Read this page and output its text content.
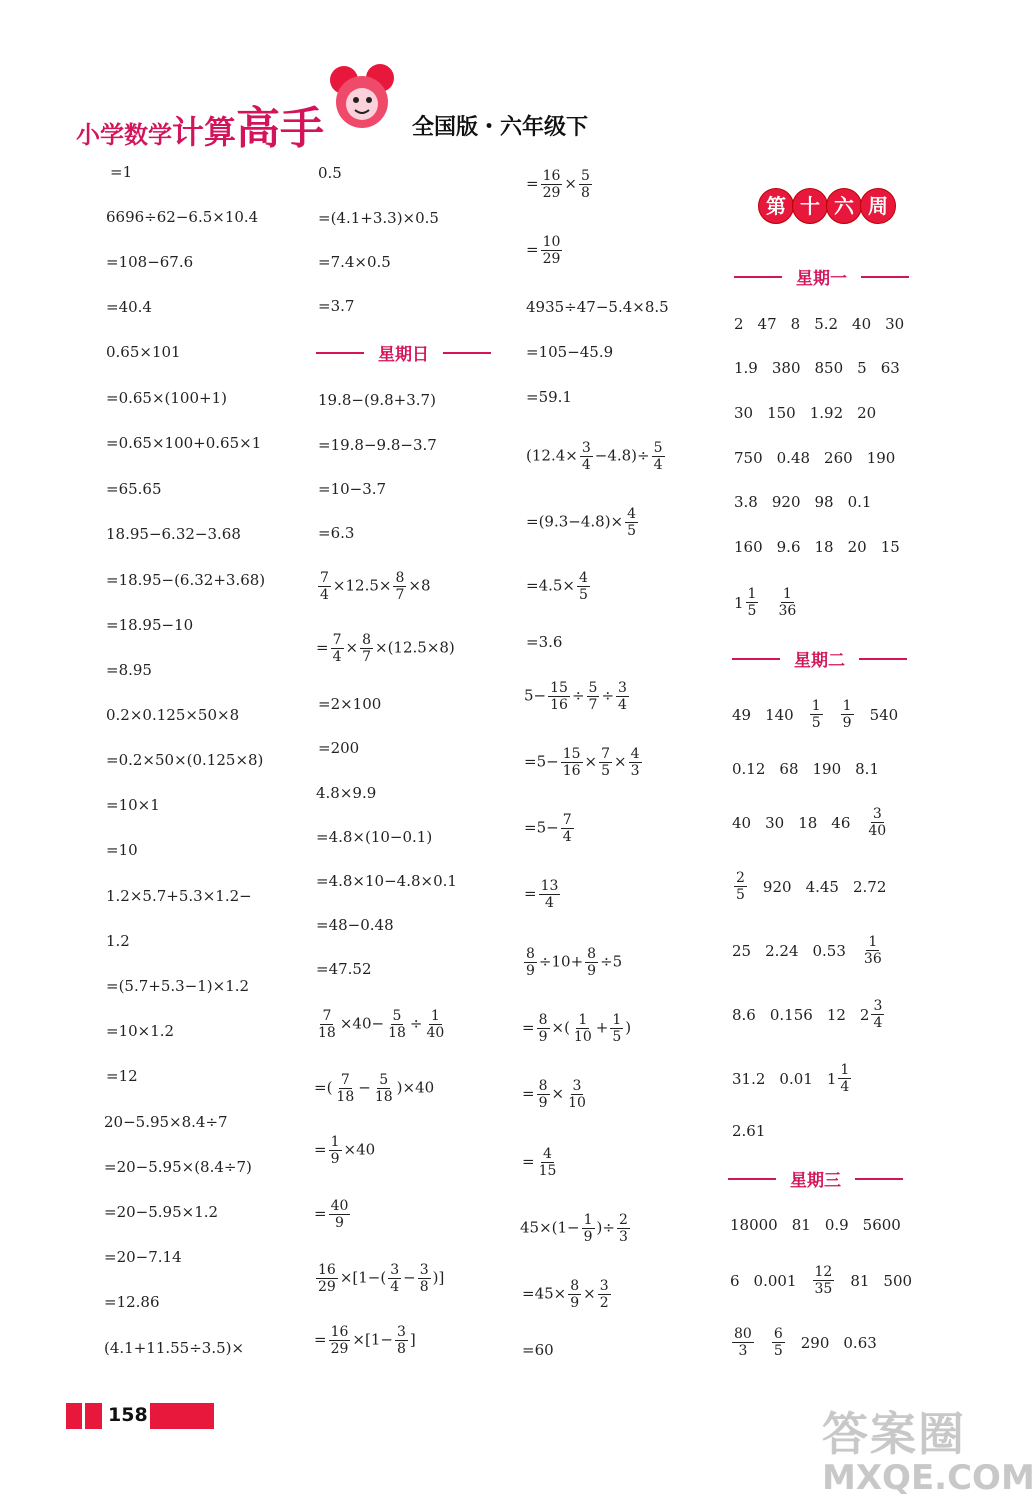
小学数学计算高手	全国版・六年级下
=1
6696÷62−6.5×10.4
=108−67.6
=40.4
0.65×101
=0.65×(100+1)
=0.65×100+0.65×1
=65.65
18.95−6.32−3.68
=18.95−(6.32+3.68)
=18.95−10
=8.95
0.2×0.125×50×8
=0.2×50×(0.125×8)
=10×1
=10
1.2×5.7+5.3×1.2−
1.2
=(5.7+5.3−1)×1.2
=10×1.2
=12
20−5.95×8.4÷7
=20−5.95×(8.4÷7)
=20−5.95×1.2
=20−7.14
=12.86
(4.1+11.55÷3.5)×
0.5
=(4.1+3.3)×0.5
=7.4×0.5
=3.7
星期日
19.8−(9.8+3.7)
=19.8−9.8−3.7
=10−3.7
=6.3
$\frac{7}{4} \times 12.5\times \frac{8}{7} \times 8$
= $\frac{7}{4} \times \frac{8}{7} \times(12.5\times 8)$
=2×100
=200
4.8×9.9
=4.8×(10−0.1)
=4.8×10−4.8×0.1
=48−0.48
=47.52
$\frac{7}{18} \times 40- \frac{5}{18} \div \frac{1}{40}$
=( $\frac{7}{18} - \frac{5}{18} )\times 40$
= $\frac{1}{9} \times 40$
= $\frac{40}{9}$
$\frac{16}{29} \times[1-( \frac{3}{4} - \frac{3}{8}$ )]
= $\frac{16}{29} \times[1- \frac{3}{8}$ ]
= $\frac{16}{29} \times \frac{5}{8}$
= $\frac{10}{29}$
4935÷47−5.4×8.5
=105−45.9
=59.1
$(12.4\times \frac{3}{4} -4.8)\div \frac{5}{4}$
$=(9.3-4.8)\times \frac{4}{5}$
$=4.5\times \frac{4}{5}$
=3.6
$5- \frac{15}{16} \div \frac{5}{7} \div \frac{3}{4}$
$=5- \frac{15}{16} \times \frac{7}{5} \times \frac{4}{3}$
$=5- \frac{7}{4}$
= $\frac{13}{4}$
$\frac{8}{9} \div 10+ \frac{8}{9} \div 5$
= $\frac{8}{9}$ ×( $\frac{1}{10} + \frac{1}{5}$ )
= $\frac{8}{9} \times \frac{3}{10}$
= $\frac{4}{15}$
$45\times(1- \frac{1}{9}$ )÷ $\frac{2}{3}$
$=45\times \frac{8}{9} \times \frac{3}{2}$
=60
第 十 六 周
星期一
2 47 8 5.2 40 30
1.9 380 850 5 63
30 150 1.92 20
750 0.48 260 190
3.8 920 98 0.1
160 9.6 18 20 15
$1 \frac{1}{5} \frac{1}{36}$
星期二
49 $140 \frac{1}{5} \frac{1}{9} 540$
0.12 68 190 8.1
40 30 18 $46 \frac{3}{40}$
$\frac{2}{5} 920$ 4.45 2.72
25 2.24 $0.53 \frac{1}{36}$
8.6 0.156 12 $2 \frac{3}{4}$
31.2 0.01 $1 \frac{1}{4}$
2.61
星期三
18000 81 0.9 5600
6 $0.001 \frac{12}{35} 81$ 500
$\frac{80}{3} \frac{6}{5} 290$ 0.63
158	答案圈
MXQE.COM
